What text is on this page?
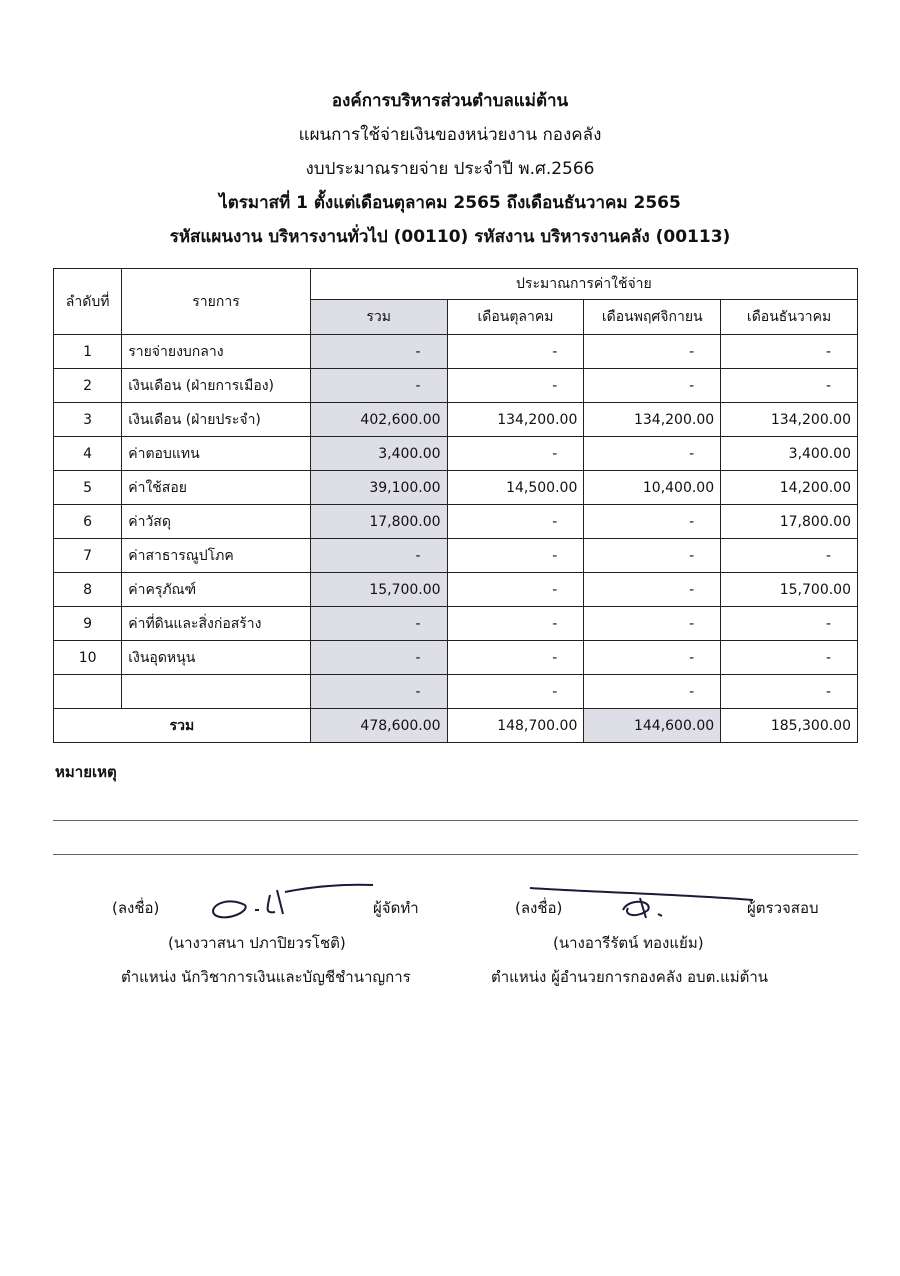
องค์การบริหารส่วนตำบลแม่ต้าน
แผนการใช้จ่ายเงินของหน่วยงาน กองคลัง
งบประมาณรายจ่าย ประจำปี พ.ศ.2566
ไตรมาสที่ 1 ตั้งแต่เดือนตุลาคม 2565 ถึงเดือนธันวาคม 2565
รหัสแผนงาน บริหารงานทั่วไป (00110) รหัสงาน บริหารงานคลัง (00113)
ลำดับที่	รายการ	ประมาณการค่าใช้จ่าย			
		รวม	เดือนตุลาคม	เดือนพฤศจิกายน	เดือนธันวาคม
1	รายจ่ายงบกลาง	-	-	-	-
2	เงินเดือน (ฝ่ายการเมือง)	-	-	-	-
3	เงินเดือน (ฝ่ายประจำ)	402,600.00	134,200.00	134,200.00	134,200.00
4	ค่าตอบแทน	3,400.00	-	-	3,400.00
5	ค่าใช้สอย	39,100.00	14,500.00	10,400.00	14,200.00
6	ค่าวัสดุ	17,800.00	-	-	17,800.00
7	ค่าสาธารณูปโภค	-	-	-	-
8	ค่าครุภัณฑ์	15,700.00	-	-	15,700.00
9	ค่าที่ดินและสิ่งก่อสร้าง	-	-	-	-
10	เงินอุดหนุน	-	-	-	-
		-	-	-	-
รวม		478,600.00	148,700.00	144,600.00	185,300.00
หมายเหตุ
(ลงชื่อ)	ผู้จัดทำ
(นางวาสนา ปภาปิยวรโชติ)
ตำแหน่ง นักวิชาการเงินและบัญชีชำนาญการ
(ลงชื่อ)	ผู้ตรวจสอบ
(นางอารีรัตน์ ทองแย้ม)
ตำแหน่ง ผู้อำนวยการกองคลัง อบต.แม่ต้าน
